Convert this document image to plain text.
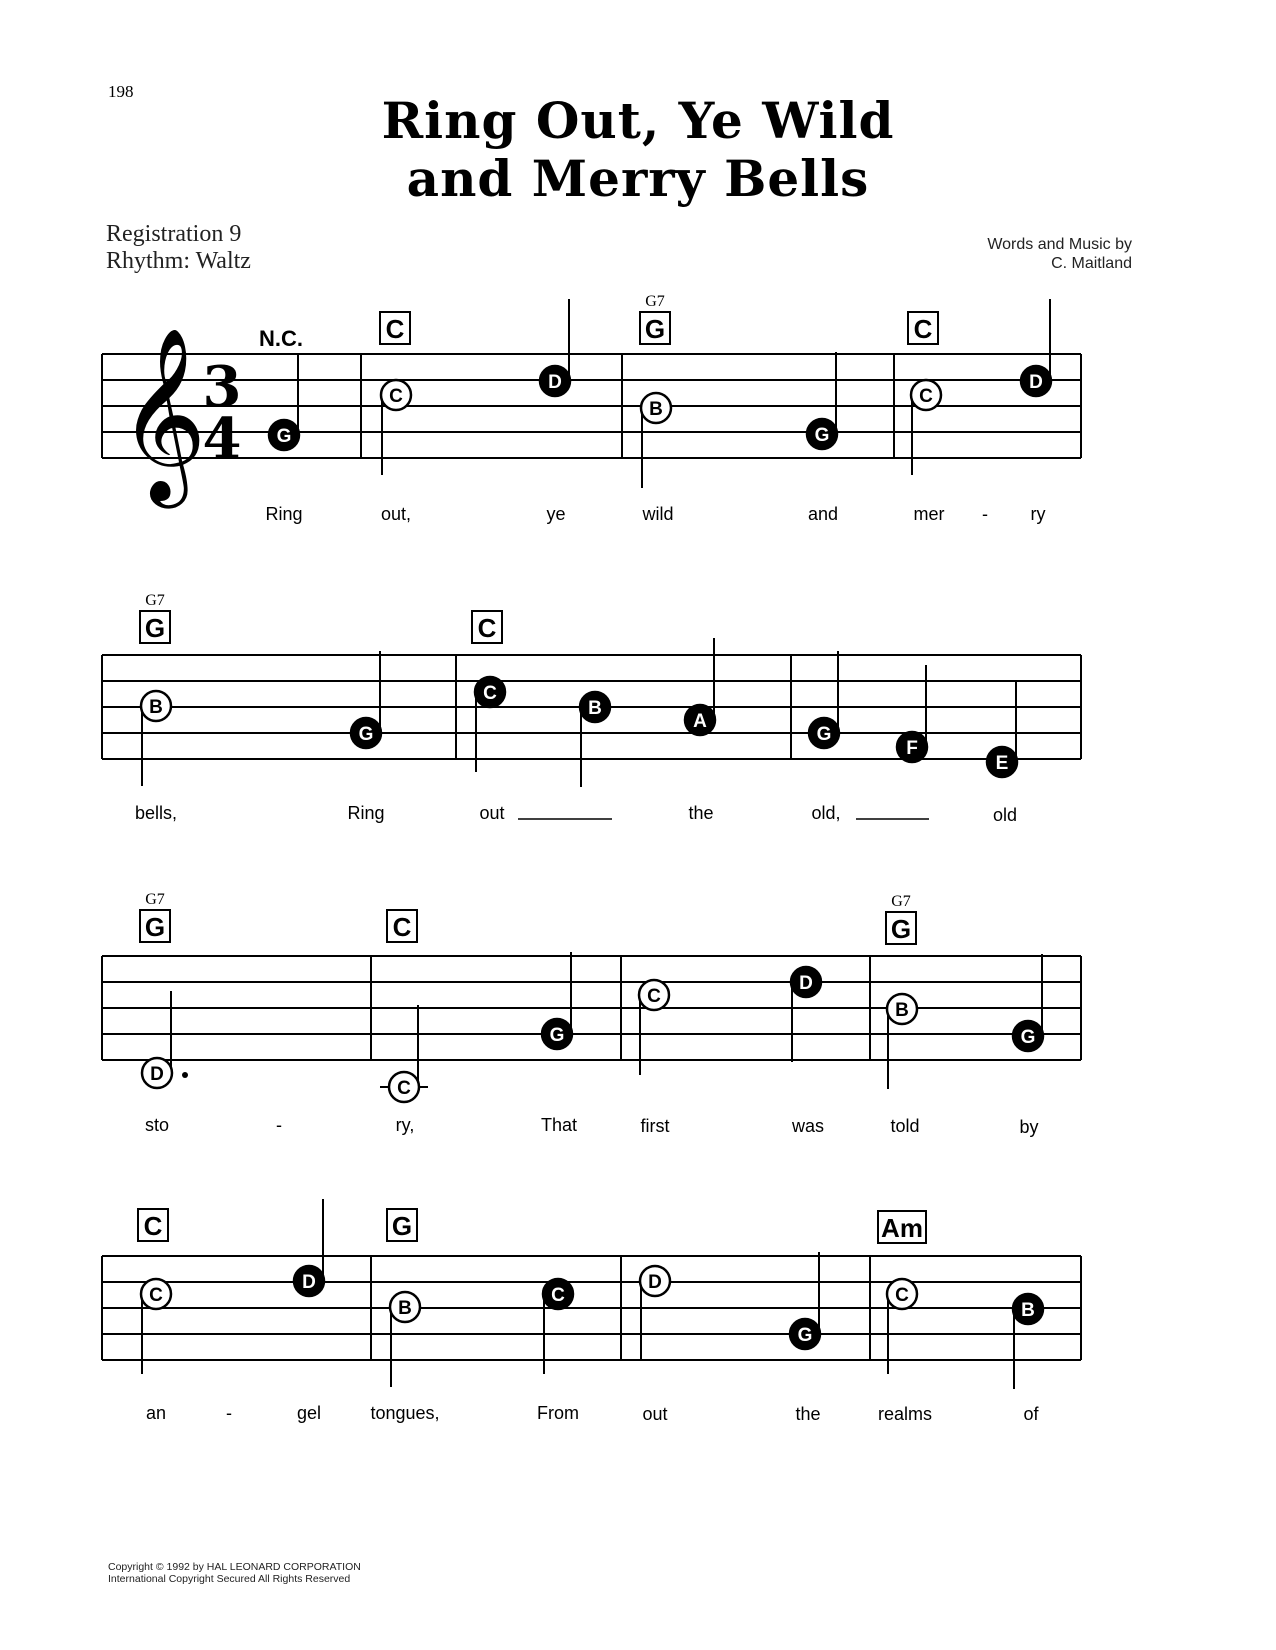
198	Ring Out, Ye Wild
and Merry Bells
Registration 9
Rhythm: Waltz
Words and Music by
C. Maitland
𝄞
3
4
N.C.	C	G
G7
C
G
C
D
B
G
C
D
Ring	out,	ye	wild	and	mer - ry
G
G7
C
B
G
C
B
A
G
F
E
bells,	Ring	out	the	old,	old
G
G7
C	G
G7
D
C
G
C
D
B
G
sto	-	ry,	That	first	was	told	by
C	G	Am
C
D
B
C
D
G
C
B
an	-	gel	tongues,	From	out	the	realms	of
Copyright © 1992 by HAL LEONARD CORPORATION
International Copyright Secured All Rights Reserved
